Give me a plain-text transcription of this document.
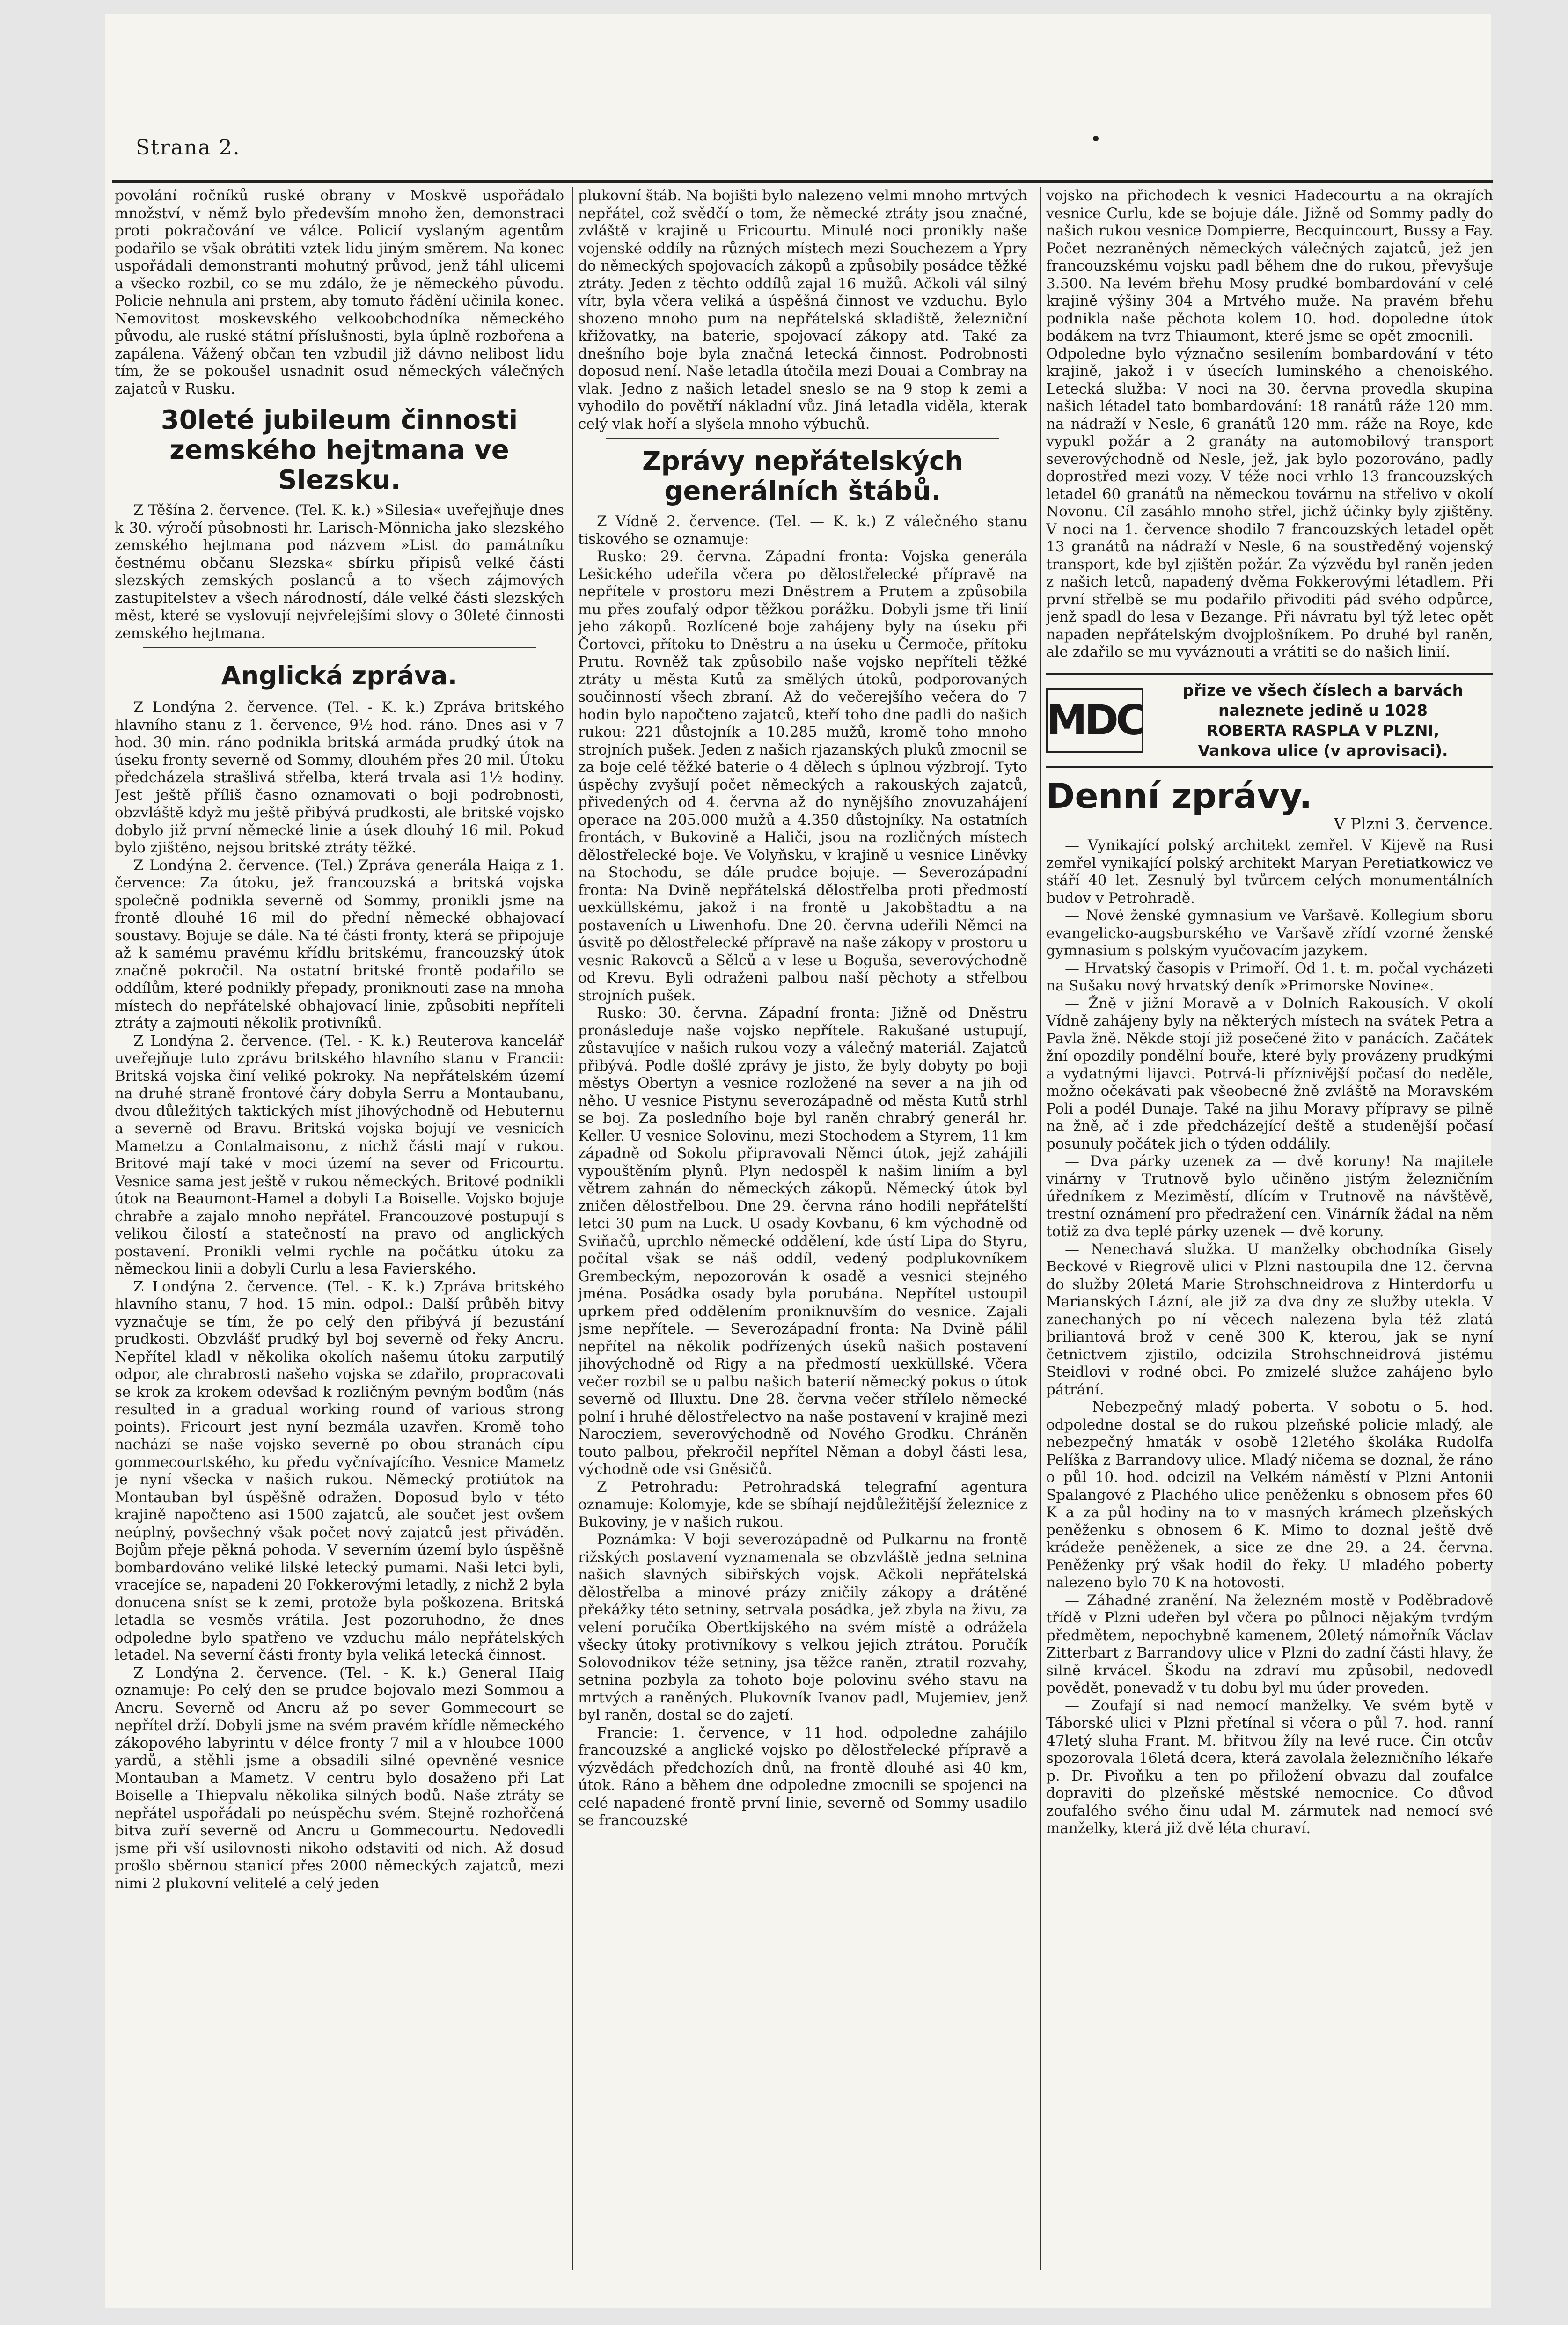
Strana 2.

povolání ročníků ruské obrany v Moskvě uspořádalo množství, v němž bylo především mnoho žen, demonstraci proti pokračování ve válce. Policií vyslaným agentům podařilo se však obrátiti vztek lidu jiným směrem. Na konec uspořádali demonstranti mohutný průvod, jenž táhl ulicemi a všecko rozbil, co se mu zdálo, že je německého původu. Policie nehnula ani prstem, aby tomuto řádění učinila konec. Nemovitost moskevského velkoobchodníka německého původu, ale ruské státní příslušnosti, byla úplně rozbořena a zapálena. Vážený občan ten vzbudil již dávno nelibost lidu tím, že se pokoušel usnadnit osud německých válečných zajatců v Rusku.

30leté jubileum činnosti zemského hejtmana ve Slezsku.

Z Těšína 2. července. (Tel. K. k.) »Silesia« uveřejňuje dnes k 30. výročí působnosti hr. Larisch-Mönnicha jako slezského zemského hejtmana pod názvem »List do památníku čestnému občanu Slezska« sbírku připisů velké části slezských zemských poslanců a to všech zájmových zastupitelstev a všech národností, dále velké části slezských měst, které se vyslovují nejvřelejšími slovy o 30leté činnosti zemského hejtmana.

Anglická zpráva.

Z Londýna 2. července. (Tel. - K. k.) Zpráva britského hlavního stanu z 1. července, 9½ hod. ráno. Dnes asi v 7 hod. 30 min. ráno podnikla britská armáda prudký útok na úseku fronty severně od Sommy, dlouhém přes 20 mil. Útoku předcházela strašlivá střelba, která trvala asi 1½ hodiny. Jest ještě příliš časno oznamovati o boji podrobnosti, obzvláště když mu ještě přibývá prudkosti, ale britské vojsko dobylo již první německé linie a úsek dlouhý 16 mil. Pokud bylo zjištěno, nejsou britské ztráty těžké.

Z Londýna 2. července. (Tel.) Zpráva generála Haiga z 1. července: Za útoku, jež francouzská a britská vojska společně podnikla severně od Sommy, pronikli jsme na frontě dlouhé 16 mil do přední německé obhajovací soustavy. Bojuje se dále. Na té části fronty, která se připojuje až k samému pravému křídlu britskému, francouzský útok značně pokročil. Na ostatní britské frontě podařilo se oddílům, které podnikly přepady, proniknouti zase na mnoha místech do nepřátelské obhajovací linie, způsobiti nepříteli ztráty a zajmouti několik protivníků.

Z Londýna 2. července. (Tel. - K. k.) Reuterova kancelář uveřejňuje tuto zprávu britského hlavního stanu v Francii: Britská vojska činí veliké pokroky. Na nepřátelském území na druhé straně frontové čáry dobyla Serru a Montaubanu, dvou důležitých taktických míst jihovýchodně od Hebuternu a severně od Bravu. Britská vojska bojují ve vesnicích Mametzu a Contalmaisonu, z nichž části mají v rukou. Britové mají také v moci území na sever od Fricourtu. Vesnice sama jest ještě v rukou německých. Britové podnikli útok na Beaumont-Hamel a dobyli La Boiselle. Vojsko bojuje chrabře a zajalo mnoho nepřátel. Francouzové postupují s velikou čilostí a statečností na pravo od anglických postavení. Pronikli velmi rychle na počátku útoku za německou linii a dobyli Curlu a lesa Favierského.

Z Londýna 2. července. (Tel. - K. k.) Zpráva britského hlavního stanu, 7 hod. 15 min. odpol.: Další průběh bitvy vyznačuje se tím, že po celý den přibývá jí bezustání prudkosti. Obzvlášť prudký byl boj severně od řeky Ancru. Nepřítel kladl v několika okolích našemu útoku zarputilý odpor, ale chrabrosti našeho vojska se zdařilo, propracovati se krok za krokem odevšad k rozličným pevným bodům (nás resulted in a gradual working round of various strong points). Fricourt jest nyní bezmála uzavřen. Kromě toho nachází se naše vojsko severně po obou stranách cípu gommecourtského, ku předu vyčnívajícího. Vesnice Mametz je nyní všecka v našich rukou. Německý protiútok na Montauban byl úspěšně odražen. Doposud bylo v této krajině napočteno asi 1500 zajatců, ale součet jest ovšem neúplný, povšechný však počet nový zajatců jest přiváděn. Bojům přeje pěkná pohoda. V severním území bylo úspěšně bombardováno veliké lilské letecký pumami. Naši letci byli, vracejíce se, napadeni 20 Fokkerovými letadly, z nichž 2 byla donucena sníst se k zemi, protože byla poškozena. Britská letadla se vesměs vrátila. Jest pozoruhodno, že dnes odpoledne bylo spatřeno ve vzduchu málo nepřátelských letadel. Na severní části fronty byla veliká letecká činnost.

Z Londýna 2. července. (Tel. - K. k.) General Haig oznamuje: Po celý den se prudce bojovalo mezi Sommou a Ancru. Severně od Ancru až po sever Gommecourt se nepřítel drží. Dobyli jsme na svém pravém křídle německého zákopového labyrintu v délce fronty 7 mil a v hloubce 1000 yardů, a stěhli jsme a obsadili silné opevněné vesnice Montauban a Mametz. V centru bylo dosaženo při Lat Boiselle a Thiepvalu několika silných bodů. Naše ztráty se nepřátel uspořádali po neúspěchu svém. Stejně rozhořčená bitva zuří severně od Ancru u Gommecourtu. Nedovedli jsme při vší usilovnosti nikoho odstaviti od nich. Až dosud prošlo sběrnou stanicí přes 2000 německých zajatců, mezi nimi 2 plukovní velitelé a celý jeden

plukovní štáb. Na bojišti bylo nalezeno velmi mnoho mrtvých nepřátel, což svědčí o tom, že německé ztráty jsou značné, zvláště v krajině u Fricourtu. Minulé noci pronikly naše vojenské oddíly na různých místech mezi Souchezem a Ypry do německých spojovacích zákopů a způsobily posádce těžké ztráty. Jeden z těchto oddílů zajal 16 mužů. Ačkoli vál silný vítr, byla včera veliká a úspěšná činnost ve vzduchu. Bylo shozeno mnoho pum na nepřátelská skladiště, železniční křižovatky, na baterie, spojovací zákopy atd. Také za dnešního boje byla značná letecká činnost. Podrobnosti doposud není. Naše letadla útočila mezi Douai a Combray na vlak. Jedno z našich letadel sneslo se na 9 stop k zemi a vyhodilo do povětří nákladní vůz. Jiná letadla viděla, kterak celý vlak hoří a slyšela mnoho výbuchů.

Zprávy nepřátelských generálních štábů.

Z Vídně 2. července. (Tel. — K. k.) Z válečného stanu tiskového se oznamuje:

Rusko: 29. června. Západní fronta: Vojska generála Lešického udeřila včera po dělostřelecké přípravě na nepřítele v prostoru mezi Dněstrem a Prutem a způsobila mu přes zoufalý odpor těžkou porážku. Dobyli jsme tři linií jeho zákopů. Rozlícené boje zahájeny byly na úseku při Čortovci, přítoku to Dněstru a na úseku u Čermoče, přítoku Prutu. Rovněž tak způsobilo naše vojsko nepříteli těžké ztráty u města Kutů za smělých útoků, podporovaných součinností všech zbraní. Až do večerejšího večera do 7 hodin bylo napočteno zajatců, kteří toho dne padli do našich rukou: 221 důstojník a 10.285 mužů, kromě toho mnoho strojních pušek. Jeden z našich rjazanských pluků zmocnil se za boje celé těžké baterie o 4 dělech s úplnou výzbrojí. Tyto úspěchy zvyšují počet německých a rakouských zajatců, přivedených od 4. června až do nynějšího znovuzahájení operace na 205.000 mužů a 4.350 důstojníky. Na ostatních frontách, v Bukovině a Haliči, jsou na rozličných místech dělostřelecké boje. Ve Volyňsku, v krajině u vesnice Liněvky na Stochodu, se dále prudce bojuje. — Severozápadní fronta: Na Dvině nepřátelská dělostřelba proti předmostí uexküllskému, jakož i na frontě u Jakobštadtu a na postaveních u Liwenhofu. Dne 20. června udeřili Němci na úsvitě po dělostřelecké přípravě na naše zákopy v prostoru u vesnic Rakovců a Sělců a v lese u Boguša, severovýchodně od Krevu. Byli odraženi palbou naší pěchoty a střelbou strojních pušek.

Rusko: 30. června. Západní fronta: Jižně od Dněstru pronásleduje naše vojsko nepřítele. Rakušané ustupují, zůstavujíce v našich rukou vozy a válečný materiál. Zajatců přibývá. Podle došlé zprávy je jisto, že byly dobyty po boji městys Obertyn a vesnice rozložené na sever a na jih od něho. U vesnice Pistynu severozápadně od města Kutů strhl se boj. Za posledního boje byl raněn chrabrý generál hr. Keller. U vesnice Solovinu, mezi Stochodem a Styrem, 11 km západně od Sokolu připravovali Němci útok, jejž zahájili vypouštěním plynů. Plyn nedospěl k našim liniím a byl větrem zahnán do německých zákopů. Německý útok byl zničen dělostřelbou. Dne 29. června ráno hodili nepřátelští letci 30 pum na Luck. U osady Kovbanu, 6 km východně od Sviňačů, uprchlo německé oddělení, kde ústí Lipa do Styru, počítal však se náš oddíl, vedený podplukovníkem Grembeckým, nepozorován k osadě a vesnici stejného jména. Posádka osady byla porubána. Nepřítel ustoupil uprkem před oddělením proniknuvším do vesnice. Zajali jsme nepřítele. — Severozápadní fronta: Na Dvině pálil nepřítel na několik podřízených úseků našich postavení jihovýchodně od Rigy a na předmostí uexküllské. Včera večer rozbil se u palbu našich baterií německý pokus o útok severně od Illuxtu. Dne 28. června večer střílelo německé polní i hruhé dělostřelectvo na naše postavení v krajině mezi Narocziem, severovýchodně od Nového Grodku. Chráněn touto palbou, překročil nepřítel Něman a dobyl části lesa, východně ode vsi Gněsičů.

Z Petrohradu: Petrohradská telegrafní agentura oznamuje: Kolomyje, kde se sbíhají nejdůležitější železnice z Bukoviny, je v našich rukou.

Poznámka: V boji severozápadně od Pulkarnu na frontě rižských postavení vyznamenala se obzvláště jedna setnina našich slavných sibiřských vojsk. Ačkoli nepřátelská dělostřelba a minové prázy zničily zákopy a drátěné překážky této setniny, setrvala posádka, jež zbyla na živu, za velení poručíka Obertkijského na svém místě a odrážela všecky útoky protivníkovy s velkou jejich ztrátou. Poručík Solovodnikov téže setniny, jsa těžce raněn, ztratil rozvahy, setnina pozbyla za tohoto boje polovinu svého stavu na mrtvých a raněných. Plukovník Ivanov padl, Mujemiev, jenž byl raněn, dostal se do zajetí.

Francie: 1. července, v 11 hod. odpoledne zahájilo francouzské a anglické vojsko po dělostřelecké přípravě a výzvědách předchozích dnů, na frontě dlouhé asi 40 km, útok. Ráno a během dne odpoledne zmocnili se spojenci na celé napadené frontě první linie, severně od Sommy usadilo se francouzské

vojsko na přichodech k vesnici Hadecourtu a na okrajích vesnice Curlu, kde se bojuje dále. Jižně od Sommy padly do našich rukou vesnice Dompierre, Becquincourt, Bussy a Fay. Počet nezraněných německých válečných zajatců, jež jen francouzskému vojsku padl během dne do rukou, převyšuje 3.500. Na levém břehu Mosy prudké bombardování v celé krajině výšiny 304 a Mrtvého muže. Na pravém břehu podnikla naše pěchota kolem 10. hod. dopoledne útok bodákem na tvrz Thiaumont, které jsme se opět zmocnili. — Odpoledne bylo význačno sesilením bombardování v této krajině, jakož i v úsecích luminského a chenoiského. Letecká služba: V noci na 30. června provedla skupina našich létadel tato bombardování: 18 ranátů ráže 120 mm. na nádraží v Nesle, 6 granátů 120 mm. ráže na Roye, kde vypukl požár a 2 granáty na automobilový transport severovýchodně od Nesle, jež, jak bylo pozorováno, padly doprostřed mezi vozy. V téže noci vrhlo 13 francouzských letadel 60 granátů na německou továrnu na střelivo v okolí Novonu. Cíl zasáhlo mnoho střel, jichž účinky byly zjištěny. V noci na 1. července shodilo 7 francouzských letadel opět 13 granátů na nádraží v Nesle, 6 na soustředěný vojenský transport, kde byl zjištěn požár. Za výzvědu byl raněn jeden z našich letců, napadený dvěma Fokkerovými létadlem. Při první střelbě se mu podařilo přivoditi pád svého odpůrce, jenž spadl do lesa v Bezange. Při návratu byl týž letec opět napaden nepřátelským dvojplošníkem. Po druhé byl raněn, ale zdařilo se mu vyváznouti a vrátiti se do našich linií.

MDC
přize ve všech číslech a barvách
naleznete jedině u 1028
ROBERTA RASPLA V PLZNI,
Vankova ulice (v aprovisaci).
Denní zprávy.
V Plzni 3. července.

— Vynikající polský architekt zemřel. V Kijevě na Rusi zemřel vynikající polský architekt Maryan Peretiatkowicz ve stáří 40 let. Zesnulý byl tvůrcem celých monumentálních budov v Petrohradě.

— Nové ženské gymnasium ve Varšavě. Kollegium sboru evangelicko-augsburského ve Varšavě zřídí vzorné ženské gymnasium s polským vyučovacím jazykem.

— Hrvatský časopis v Primoří. Od 1. t. m. počal vycházeti na Sušaku nový hrvatský deník »Primorske Novine«.

— Žně v jižní Moravě a v Dolních Rakousích. V okolí Vídně zahájeny byly na některých místech na svátek Petra a Pavla žně. Někde stojí již posečené žito v panácích. Začátek žní opozdily pondělní bouře, které byly provázeny prudkými a vydatnými lijavci. Potrvá-li příznivější počasí do neděle, možno očekávati pak všeobecné žně zvláště na Moravském Poli a podél Dunaje. Také na jihu Moravy přípravy se pilně na žně, ač i zde předcházející deště a studenější počasí posunuly počátek jich o týden oddálily.

— Dva párky uzenek za — dvě koruny! Na majitele vinárny v Trutnově bylo učiněno jistým železničním úředníkem z Meziměstí, dlícím v Trutnově na návštěvě, trestní oznámení pro předražení cen. Vinárník žádal na něm totiž za dva teplé párky uzenek — dvě koruny.

— Nenechavá služka. U manželky obchodníka Gisely Beckové v Riegrově ulici v Plzni nastoupila dne 12. června do služby 20letá Marie Strohschneidrova z Hinterdorfu u Marianských Lázní, ale již za dva dny ze služby utekla. V zanechaných po ní věcech nalezena byla též zlatá briliantová brož v ceně 300 K, kterou, jak se nyní četnictvem zjistilo, odcizila Strohschneidrová jistému Steidlovi v rodné obci. Po zmizelé služce zahájeno bylo pátrání.

— Nebezpečný mladý poberta. V sobotu o 5. hod. odpoledne dostal se do rukou plzeňské policie mladý, ale nebezpečný hmaták v osobě 12letého školáka Rudolfa Pelíška z Barrandovy ulice. Mladý ničema se doznal, že ráno o půl 10. hod. odcizil na Velkém náměstí v Plzni Antonii Spalangové z Plachého ulice peněženku s obnosem přes 60 K a za půl hodiny na to v masných krámech plzeňských peněženku s obnosem 6 K. Mimo to doznal ještě dvě krádeže peněženek, a sice ze dne 29. a 24. června. Peněženky prý však hodil do řeky. U mladého poberty nalezeno bylo 70 K na hotovosti.

— Záhadné zranění. Na železném mostě v Poděbradově třídě v Plzni udeřen byl včera po půlnoci nějakým tvrdým předmětem, nepochybně kamenem, 20letý námořník Václav Zitterbart z Barrandovy ulice v Plzni do zadní části hlavy, že silně krvácel. Škodu na zdraví mu způsobil, nedovedl povědět, ponevadž v tu dobu byl mu úder proveden.

— Zoufají si nad nemocí manželky. Ve svém bytě v Táborské ulici v Plzni přetínal si včera o půl 7. hod. ranní 47letý sluha Frant. M. břitvou žíly na levé ruce. Čin otcův spozorovala 16letá dcera, která zavolala železničního lékaře p. Dr. Pivoňku a ten po přiložení obvazu dal zoufalce dopraviti do plzeňské městské nemocnice. Co důvod zoufalého svého činu udal M. zármutek nad nemocí své manželky, která již dvě léta churaví.
